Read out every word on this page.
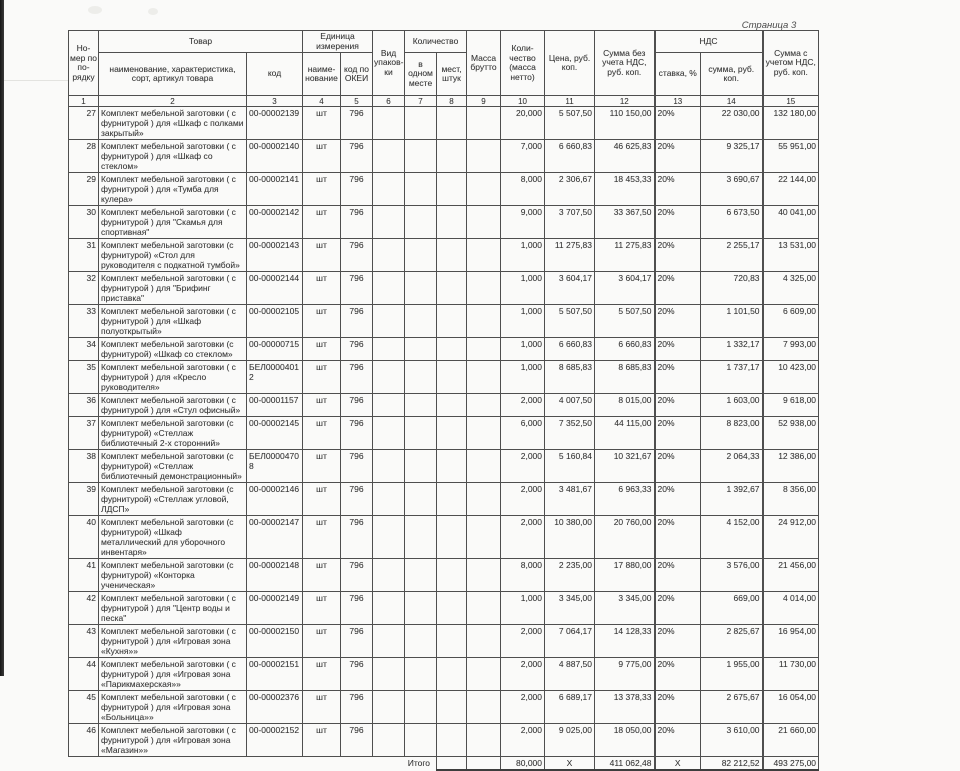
Страница 3
Но-мер по по-рядку	Товар		Единица измерения		Вид упаков-ки	Количество		Масса брутто	Коли-чество (масса нетто)	Цена, руб. коп.	Сумма без учета НДС, руб. коп.	НДС		Сумма с учетом НДС, руб. коп.
	наименование, характеристика, сорт, артикул товара	код	наиме-нование	код по ОКЕИ		в одном месте	мест, штук					ставка, %	сумма, руб. коп.	
1	2	3	4	5	6	7	8	9	10	11	12	13	14	15
27	Комплект мебельной заготовки ( с фурнитурой ) для «Шкаф с полками закрытый»	00-00002139	шт	796					20,000	5 507,50	110 150,00	20%	22 030,00	132 180,00
28	Комплект мебельной заготовки ( с фурнитурой ) для «Шкаф со стеклом»	00-00002140	шт	796					7,000	6 660,83	46 625,83	20%	9 325,17	55 951,00
29	Комплект мебельной заготовки ( с фурнитурой ) для «Тумба для кулера»	00-00002141	шт	796					8,000	2 306,67	18 453,33	20%	3 690,67	22 144,00
30	Комплект мебельной заготовки ( с фурнитурой ) для "Скамья для спортивная"	00-00002142	шт	796					9,000	3 707,50	33 367,50	20%	6 673,50	40 041,00
31	Комплект мебельной заготовки (с фурнитурой) «Стол для руководителя с подкатной тумбой»	00-00002143	шт	796					1,000	11 275,83	11 275,83	20%	2 255,17	13 531,00
32	Комплект мебельной заготовки ( с фурнитурой ) для "Брифинг приставка"	00-00002144	шт	796					1,000	3 604,17	3 604,17	20%	720,83	4 325,00
33	Комплект мебельной заготовки ( с фурнитурой ) для «Шкаф полуоткрытый»	00-00002105	шт	796					1,000	5 507,50	5 507,50	20%	1 101,50	6 609,00
34	Комплект мебельной заготовки (с фурнитурой) «Шкаф со стеклом»	00-00000715	шт	796					1,000	6 660,83	6 660,83	20%	1 332,17	7 993,00
35	Комплект мебельной заготовки ( с фурнитурой ) для «Кресло руководителя»	БЕЛ00004012	шт	796					1,000	8 685,83	8 685,83	20%	1 737,17	10 423,00
36	Комплект мебельной заготовки ( с фурнитурой ) для «Стул офисный»	00-00001157	шт	796					2,000	4 007,50	8 015,00	20%	1 603,00	9 618,00
37	Комплект мебельной заготовки (с фурнитурой) «Стеллаж библиотечный 2-х сторонний»	00-00002145	шт	796					6,000	7 352,50	44 115,00	20%	8 823,00	52 938,00
38	Комплект мебельной заготовки (с фурнитурой) «Стеллаж библиотечный демонстрационный»	БЕЛ00004708	шт	796					2,000	5 160,84	10 321,67	20%	2 064,33	12 386,00
39	Комплект мебельной заготовки (с фурнитурой) «Стеллаж угловой, ЛДСП»	00-00002146	шт	796					2,000	3 481,67	6 963,33	20%	1 392,67	8 356,00
40	Комплект мебельной заготовки (с фурнитурой) «Шкаф металлический для уборочного инвентаря»	00-00002147	шт	796					2,000	10 380,00	20 760,00	20%	4 152,00	24 912,00
41	Комплект мебельной заготовки (с фурнитурой) «Конторка ученическая»	00-00002148	шт	796					8,000	2 235,00	17 880,00	20%	3 576,00	21 456,00
42	Комплект мебельной заготовки ( с фурнитурой ) для "Центр воды и песка"	00-00002149	шт	796					1,000	3 345,00	3 345,00	20%	669,00	4 014,00
43	Комплект мебельной заготовки ( с фурнитурой ) для «Игровая зона «Кухня»»	00-00002150	шт	796					2,000	7 064,17	14 128,33	20%	2 825,67	16 954,00
44	Комплект мебельной заготовки ( с фурнитурой ) для «Игровая зона «Парикмахерская»»	00-00002151	шт	796					2,000	4 887,50	9 775,00	20%	1 955,00	11 730,00
45	Комплект мебельной заготовки ( с фурнитурой ) для «Игровая зона «Больница»»	00-00002376	шт	796					2,000	6 689,17	13 378,33	20%	2 675,67	16 054,00
46	Комплект мебельной заготовки ( с фурнитурой ) для «Игровая зона «Магазин»»	00-00002152	шт	796					2,000	9 025,00	18 050,00	20%	3 610,00	21 660,00
Итого									80,000	X	411 062,48	X	82 212,52	493 275,00
